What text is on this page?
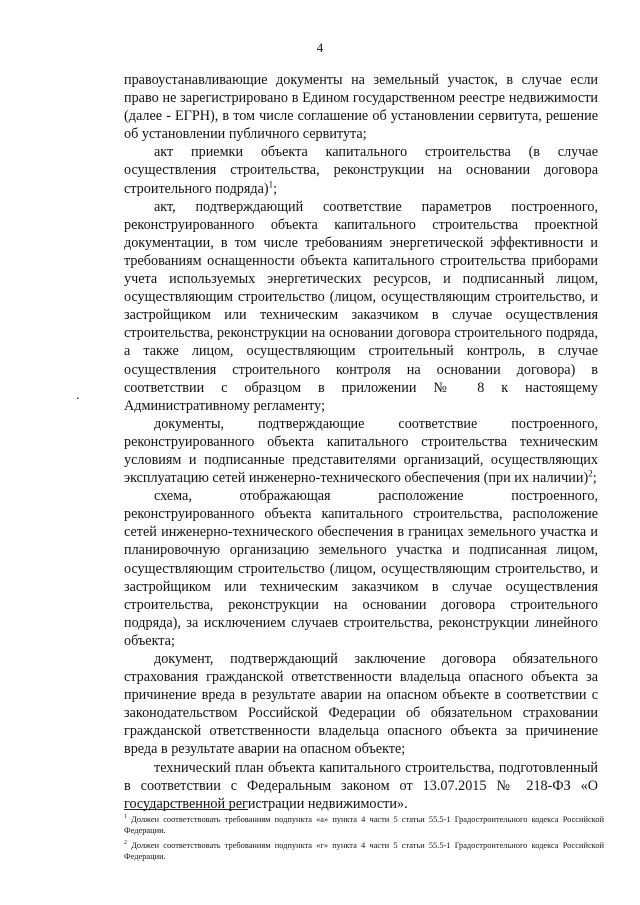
4
.

правоустанавливающие документы на земельный участок, в случае если право не зарегистрировано в Едином государственном реестре недвижимости (далее - ЕГРН), в том числе соглашение об установлении сервитута, решение об установлении публичного сервитута;

акт приемки объекта капитального строительства (в случае осуществления строительства, реконструкции на основании договора строительного подряда)$^1$;

акт, подтверждающий соответствие параметров построенного, реконструированного объекта капитального строительства проектной документации, в том числе требованиям энергетической эффективности и требованиям оснащенности объекта капитального строительства приборами учета используемых энергетических ресурсов, и подписанный лицом, осуществляющим строительство (лицом, осуществляющим строительство, и застройщиком или техническим заказчиком в случае осуществления строительства, реконструкции на основании договора строительного подряда, а также лицом, осуществляющим строительный контроль, в случае осуществления строительного контроля на основании договора) в соответствии с образцом в приложении № 8 к настоящему Административному регламенту;

документы, подтверждающие соответствие построенного, реконструированного объекта капитального строительства техническим условиям и подписанные представителями организаций, осуществляющих эксплуатацию сетей инженерно-технического обеспечения (при их наличии)$^2$;

схема, отображающая расположение построенного, реконструированного объекта капитального строительства, расположение сетей инженерно-технического обеспечения в границах земельного участка и планировочную организацию земельного участка и подписанная лицом, осуществляющим строительство (лицом, осуществляющим строительство, и застройщиком или техническим заказчиком в случае осуществления строительства, реконструкции на основании договора строительного подряда), за исключением случаев строительства, реконструкции линейного объекта;

документ, подтверждающий заключение договора обязательного страхования гражданской ответственности владельца опасного объекта за причинение вреда в результате аварии на опасном объекте в соответствии с законодательством Российской Федерации об обязательном страховании гражданской ответственности владельца опасного объекта за причинение вреда в результате аварии на опасном объекте;

технический план объекта капитального строительства, подготовленный в соответствии с Федеральным законом от 13.07.2015 № 218-ФЗ «О государственной регистрации недвижимости».

$^1$ Должен соответствовать требованиям подпункта «а» пункта 4 части 5 статьи 55.5-1 Градостроительного кодекса Российской Федерации.

$^2$ Должен соответствовать требованиям подпункта «г» пункта 4 части 5 статьи 55.5-1 Градостроительного кодекса Российской Федерации.
